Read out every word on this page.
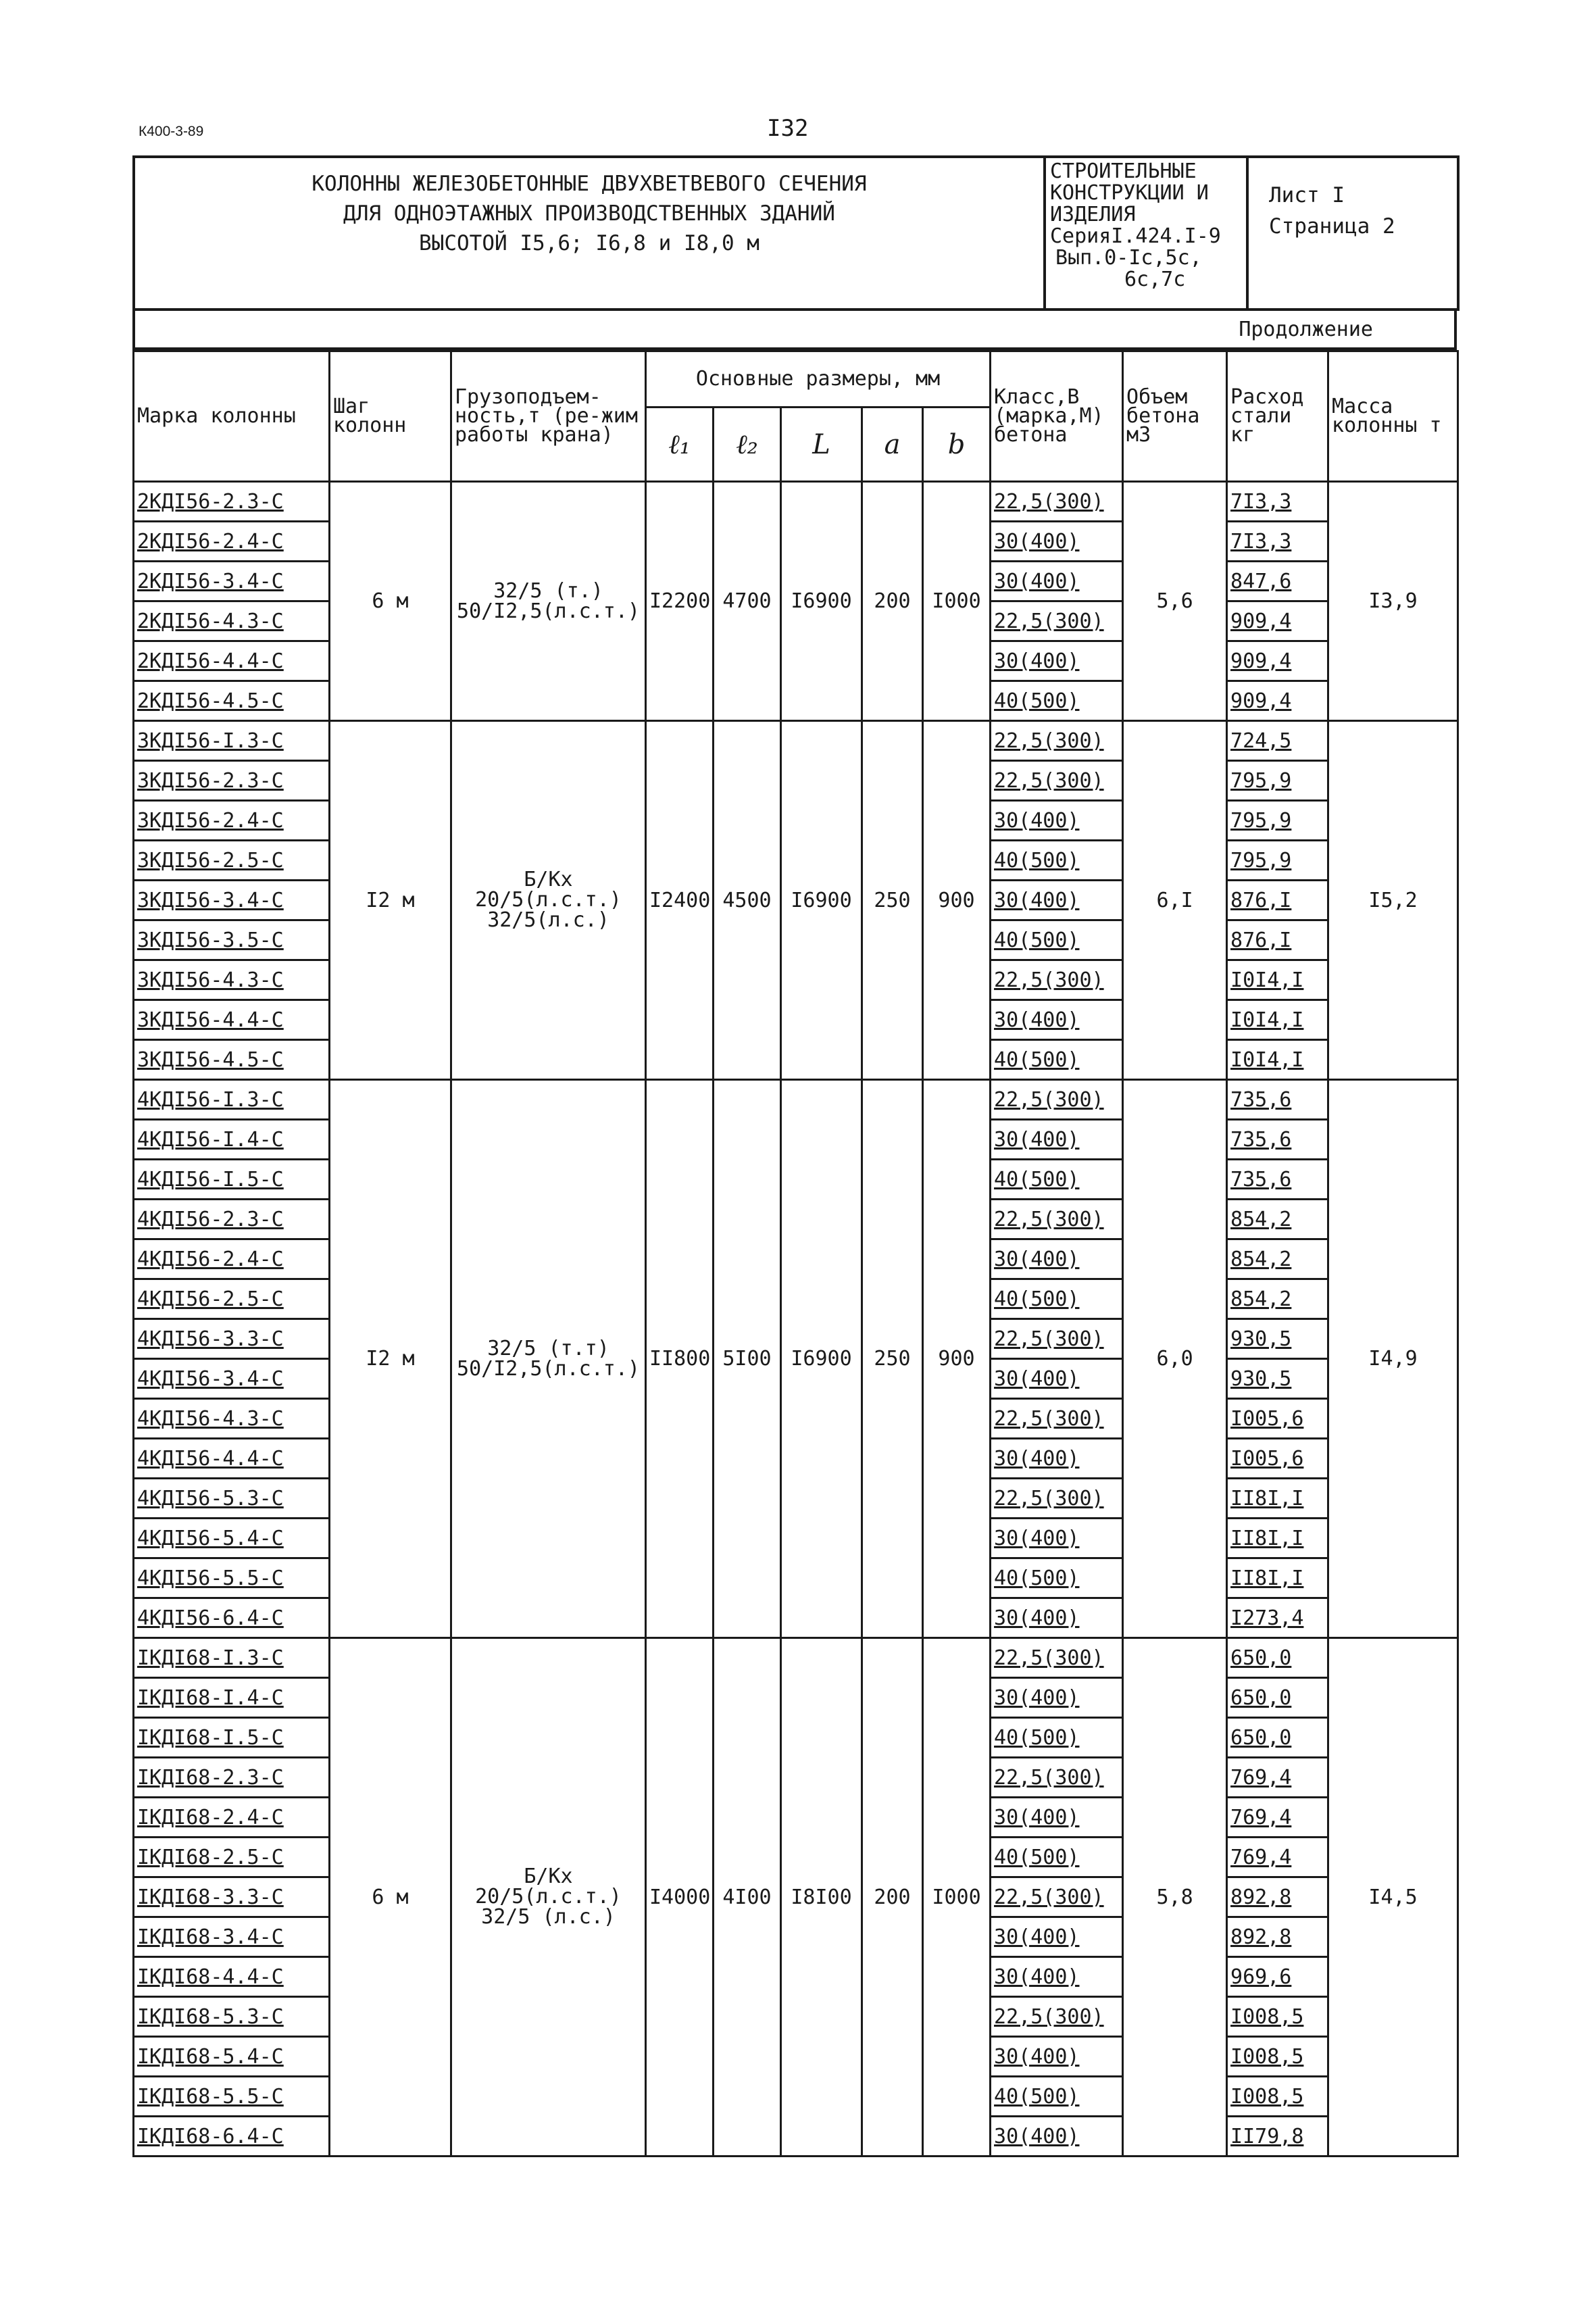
К400-3-89	I32
КОЛОННЫ ЖЕЛЕЗОБЕТОННЫЕ ДВУХВЕТВЕВОГО СЕЧЕНИЯ
ДЛЯ ОДНОЭТАЖНЫХ ПРОИЗВОДСТВЕННЫХ ЗДАНИЙ
ВЫСОТОЙ I5,6; I6,8 и I8,0 м

СТРОИТЕЛЬНЫЕ
КОНСТРУКЦИИ И
ИЗДЕЛИЯ
СерияI.424.I-9
Вып.0-Iс,5с,
6с,7с

Лист I
Страница 2
Продолжение
Марка колонны	Шаг колонн	Грузоподъем-ность,т (ре-жим работы крана)	Основные размеры, мм					Класс,В (марка,М) бетона	Объем бетона м3	Расход стали кг	Масса колонны т
			ℓ₁	ℓ₂	L	a	b				
2КДI56-2.3-С	6 м	32/5 (т.) 50/I2,5(л.с.т.)	I2200	4700	I6900	200	I000	22,5(300)	5,6	7I3,3	I3,9
2КДI56-2.4-С								30(400)		7I3,3	
2КДI56-3.4-С								30(400)		847,6	
2КДI56-4.3-С								22,5(300)		909,4	
2КДI56-4.4-С								30(400)		909,4	
2КДI56-4.5-С								40(500)		909,4	
3КДI56-I.3-С	I2 м	Б/Кх 20/5(л.с.т.) 32/5(л.с.)	I2400	4500	I6900	250	900	22,5(300)	6,I	724,5	I5,2
3КДI56-2.3-С								22,5(300)		795,9	
3КДI56-2.4-С								30(400)		795,9	
3КДI56-2.5-С								40(500)		795,9	
3КДI56-3.4-С								30(400)		876,I	
3КДI56-3.5-С								40(500)		876,I	
3КДI56-4.3-С								22,5(300)		I0I4,I	
3КДI56-4.4-С								30(400)		I0I4,I	
3КДI56-4.5-С								40(500)		I0I4,I	
4КДI56-I.3-С	I2 м	32/5 (т.т) 50/I2,5(л.с.т.)	II800	5I00	I6900	250	900	22,5(300)	6,0	735,6	I4,9
4КДI56-I.4-С								30(400)		735,6	
4КДI56-I.5-С								40(500)		735,6	
4КДI56-2.3-С								22,5(300)		854,2	
4КДI56-2.4-С								30(400)		854,2	
4КДI56-2.5-С								40(500)		854,2	
4КДI56-3.3-С								22,5(300)		930,5	
4КДI56-3.4-С								30(400)		930,5	
4КДI56-4.3-С								22,5(300)		I005,6	
4КДI56-4.4-С								30(400)		I005,6	
4КДI56-5.3-С								22,5(300)		II8I,I	
4КДI56-5.4-С								30(400)		II8I,I	
4КДI56-5.5-С								40(500)		II8I,I	
4КДI56-6.4-С								30(400)		I273,4	
IКДI68-I.3-С	6 м	Б/Кх 20/5(л.с.т.) 32/5 (л.с.)	I4000	4I00	I8I00	200	I000	22,5(300)	5,8	650,0	I4,5
IКДI68-I.4-С								30(400)		650,0	
IКДI68-I.5-С								40(500)		650,0	
IКДI68-2.3-С								22,5(300)		769,4	
IКДI68-2.4-С								30(400)		769,4	
IКДI68-2.5-С								40(500)		769,4	
IКДI68-3.3-С								22,5(300)		892,8	
IКДI68-3.4-С								30(400)		892,8	
IКДI68-4.4-С								30(400)		969,6	
IКДI68-5.3-С								22,5(300)		I008,5	
IКДI68-5.4-С								30(400)		I008,5	
IКДI68-5.5-С								40(500)		I008,5	
IКДI68-6.4-С								30(400)		II79,8	
